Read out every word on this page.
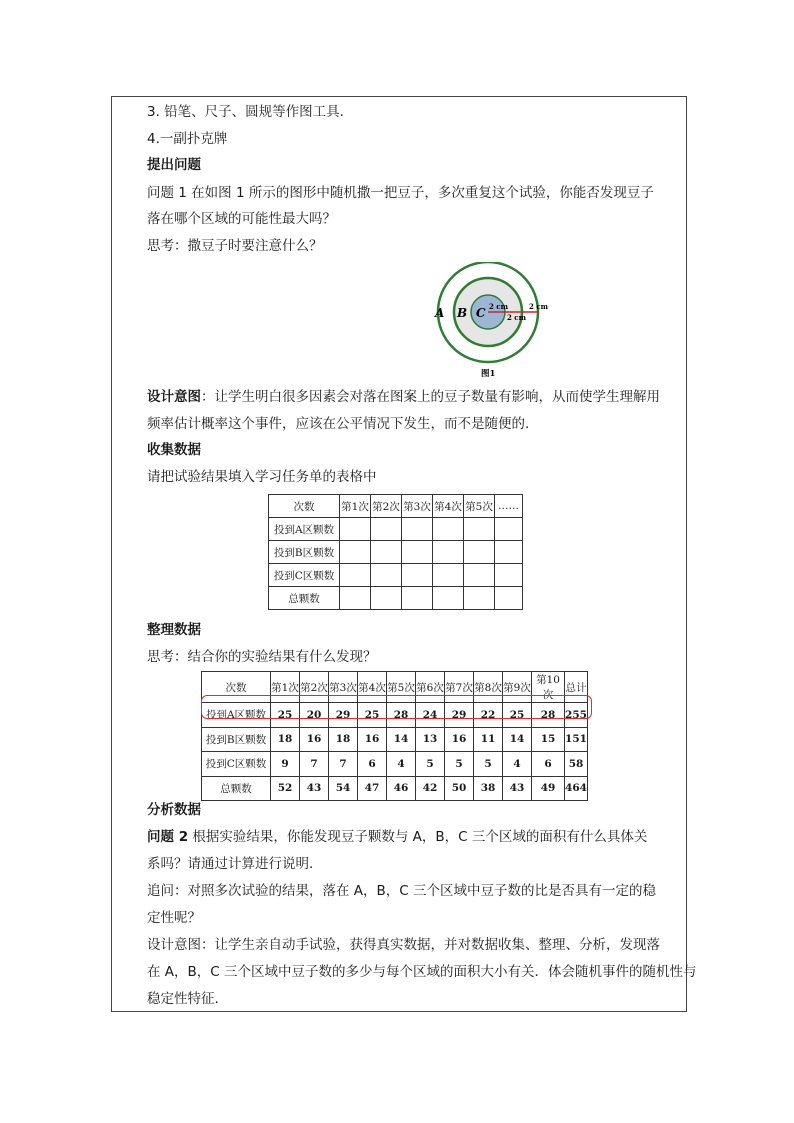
3. 铅笔、尺子、圆规等作图工具.
4.一副扑克牌
提出问题
问题 1 在如图 1 所示的图形中随机撒一把豆子，多次重复这个试验，你能否发现豆子
落在哪个区域的可能性最大吗？
思考：撒豆子时要注意什么？
A B C 2 cm
2 cm
2 cm
图1
设计意图：让学生明白很多因素会对落在图案上的豆子数量有影响，从而使学生理解用
频率估计概率这个事件，应该在公平情况下发生，而不是随便的.
收集数据
请把试验结果填入学习任务单的表格中
次数	第1次	第2次	第3次	第4次	第5次	……
投到A区颗数						
投到B区颗数						
投到C区颗数						
总颗数						
整理数据
思考：结合你的实验结果有什么发现？
次数	第1次	第2次	第3次	第4次	第5次	第6次	第7次	第8次	第9次	第10次	总计
投到A区颗数	25	20	29	25	28	24	29	22	25	28	255
投到B区颗数	18	16	18	16	14	13	16	11	14	15	151
投到C区颗数	9	7	7	6	4	5	5	5	4	6	58
总颗数	52	43	54	47	46	42	50	38	43	49	464
分析数据
问题 2 根据实验结果，你能发现豆子颗数与 A，B，C 三个区域的面积有什么具体关
系吗？请通过计算进行说明.
追问：对照多次试验的结果，落在 A，B，C 三个区域中豆子数的比是否具有一定的稳
定性呢？
设计意图：让学生亲自动手试验，获得真实数据，并对数据收集、整理、分析，发现落
在 A，B，C 三个区域中豆子数的多少与每个区域的面积大小有关．体会随机事件的随机性与
稳定性特征.
